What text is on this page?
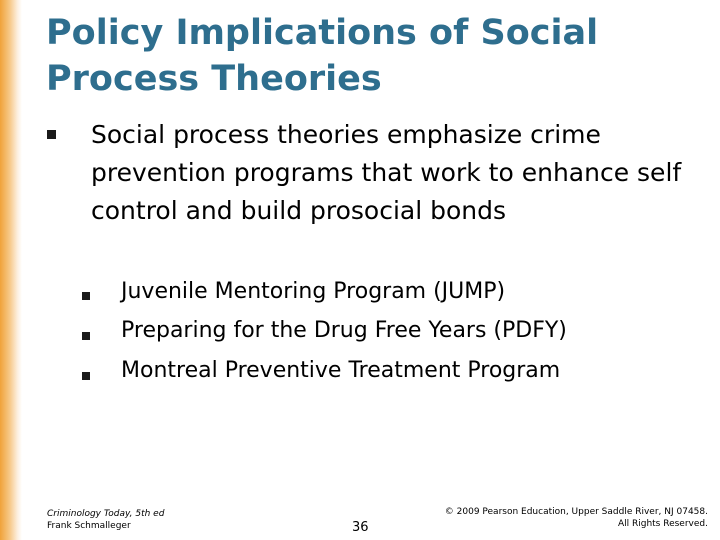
Policy Implications of Social Process Theories

Social process theories emphasize crime prevention programs that work to enhance self control and build prosocial bonds

Juvenile Mentoring Program (JUMP)

Preparing for the Drug Free Years (PDFY)

Montreal Preventive Treatment Program

Criminology Today, 5th ed
Frank Schmalleger	36
© 2009 Pearson Education, Upper Saddle River, NJ 07458.
All Rights Reserved.
